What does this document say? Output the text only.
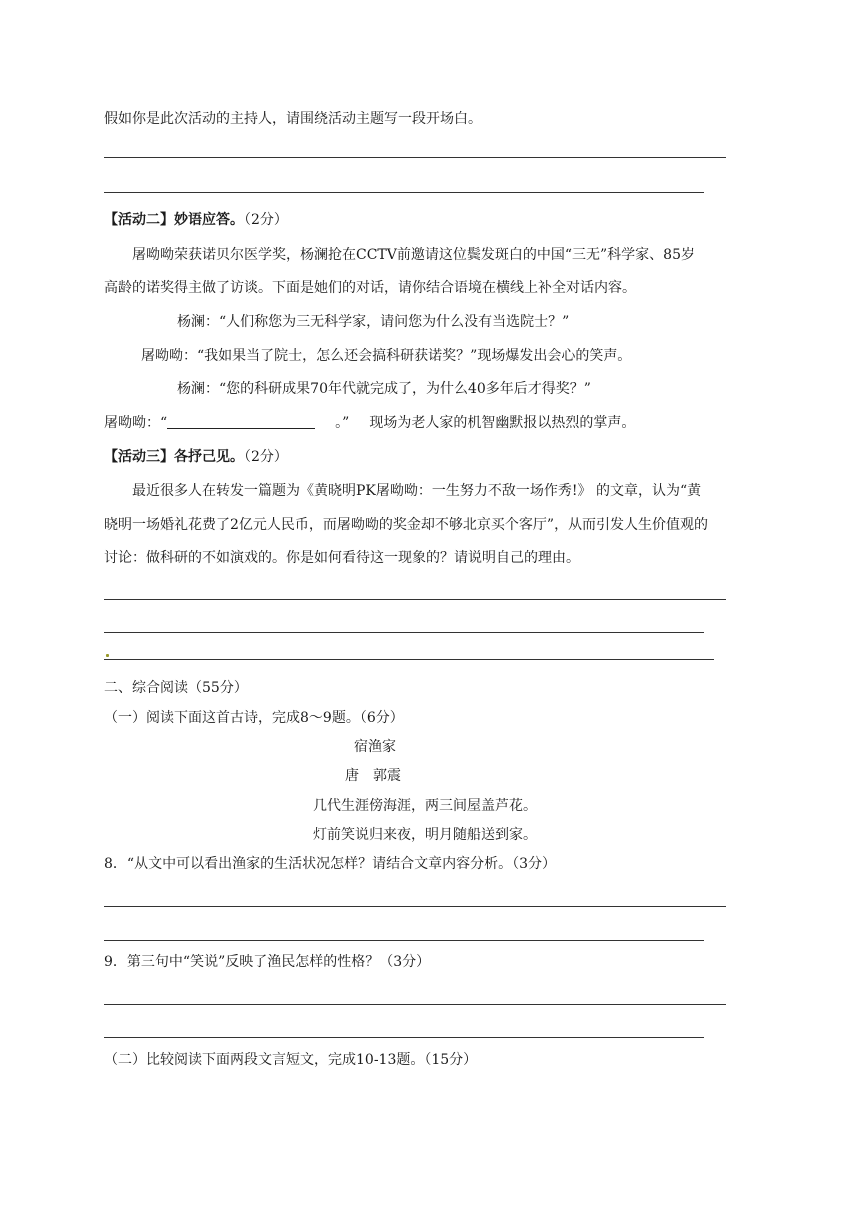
假如你是此次活动的主持人，请围绕活动主题写一段开场白。
【活动二】妙语应答。（2分）
屠呦呦荣获诺贝尔医学奖，杨澜抢在CCTV前邀请这位鬓发斑白的中国“三无”科学家、85岁
高龄的诺奖得主做了访谈。下面是她们的对话，请你结合语境在横线上补全对话内容。
杨澜：“人们称您为三无科学家，请问您为什么没有当选院士？”
屠呦呦：“我如果当了院士，怎么还会搞科研获诺奖？”现场爆发出会心的笑声。
杨澜：“您的科研成果70年代就完成了，为什么40多年后才得奖？”
屠呦呦：“	。” 现场为老人家的机智幽默报以热烈的掌声。
【活动三】各抒己见。（2分）
最近很多人在转发一篇题为《黄晓明PK屠呦呦：一生努力不敌一场作秀!》 的文章，认为“黄
晓明一场婚礼花费了2亿元人民币，而屠呦呦的奖金却不够北京买个客厅”，从而引发人生价值观的
讨论：做科研的不如演戏的。你是如何看待这一现象的？请说明自己的理由。
二、综合阅读（55分）
（一）阅读下面这首古诗，完成8～9题。（6分）
宿渔家
唐　郭震
几代生涯傍海涯，两三间屋盖芦花。
灯前笑说归来夜，明月随船送到家。
8．“从文中可以看出渔家的生活状况怎样？请结合文章内容分析。（3分）
9．第三句中“笑说”反映了渔民怎样的性格？（3分）
（二）比较阅读下面两段文言短文，完成10-13题。（15分）
